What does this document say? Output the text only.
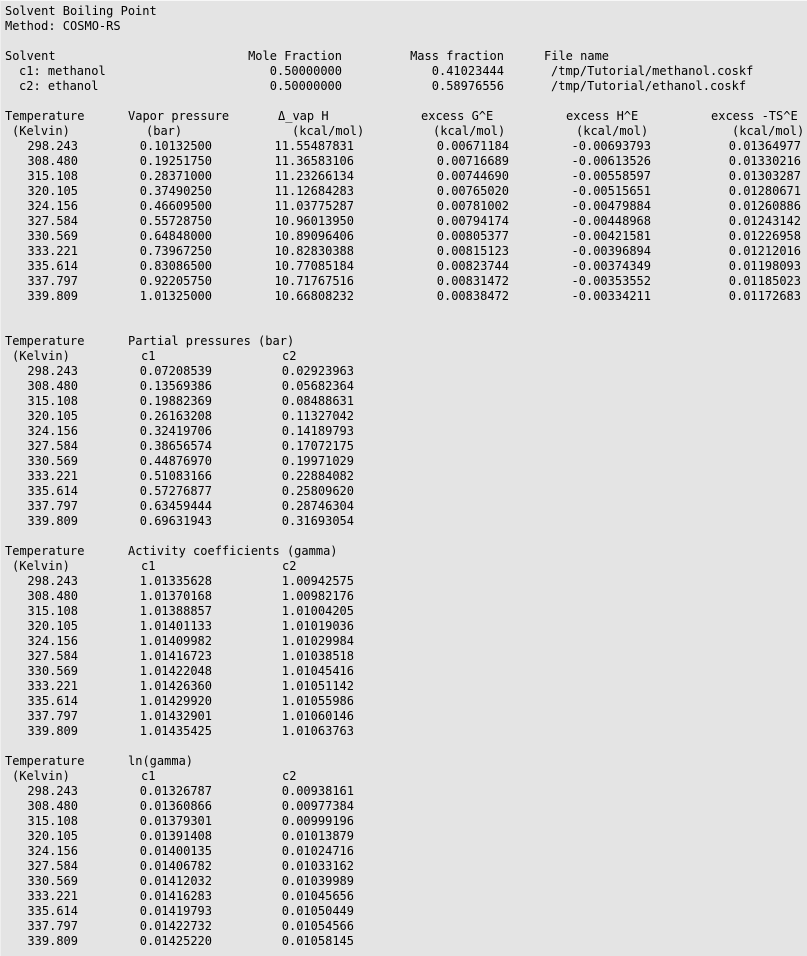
Solvent Boiling Point
Method: COSMO-RS
Solvent	Mole Fraction	Mass fraction	File name
c1: methanol	0.50000000	0.41023444	/tmp/Tutorial/methanol.coskf
c2: ethanol	0.50000000	0.58976556	/tmp/Tutorial/ethanol.coskf
Temperature	Vapor pressure	Δ_vap H	excess G^E	excess H^E	excess -TS^E
(Kelvin)	(bar)	(kcal/mol)	(kcal/mol)	(kcal/mol)	(kcal/mol)
298.243	0.10132500	11.55487831	0.00671184	-0.00693793	0.01364977
308.480	0.19251750	11.36583106	0.00716689	-0.00613526	0.01330216
315.108	0.28371000	11.23266134	0.00744690	-0.00558597	0.01303287
320.105	0.37490250	11.12684283	0.00765020	-0.00515651	0.01280671
324.156	0.46609500	11.03775287	0.00781002	-0.00479884	0.01260886
327.584	0.55728750	10.96013950	0.00794174	-0.00448968	0.01243142
330.569	0.64848000	10.89096406	0.00805377	-0.00421581	0.01226958
333.221	0.73967250	10.82830388	0.00815123	-0.00396894	0.01212016
335.614	0.83086500	10.77085184	0.00823744	-0.00374349	0.01198093
337.797	0.92205750	10.71767516	0.00831472	-0.00353552	0.01185023
339.809	1.01325000	10.66808232	0.00838472	-0.00334211	0.01172683
Temperature	Partial pressures (bar)
(Kelvin)	c1	c2
298.243	0.07208539	0.02923963
308.480	0.13569386	0.05682364
315.108	0.19882369	0.08488631
320.105	0.26163208	0.11327042
324.156	0.32419706	0.14189793
327.584	0.38656574	0.17072175
330.569	0.44876970	0.19971029
333.221	0.51083166	0.22884082
335.614	0.57276877	0.25809620
337.797	0.63459444	0.28746304
339.809	0.69631943	0.31693054
Temperature	Activity coefficients (gamma)
(Kelvin)	c1	c2
298.243	1.01335628	1.00942575
308.480	1.01370168	1.00982176
315.108	1.01388857	1.01004205
320.105	1.01401133	1.01019036
324.156	1.01409982	1.01029984
327.584	1.01416723	1.01038518
330.569	1.01422048	1.01045416
333.221	1.01426360	1.01051142
335.614	1.01429920	1.01055986
337.797	1.01432901	1.01060146
339.809	1.01435425	1.01063763
Temperature	ln(gamma)
(Kelvin)	c1	c2
298.243	0.01326787	0.00938161
308.480	0.01360866	0.00977384
315.108	0.01379301	0.00999196
320.105	0.01391408	0.01013879
324.156	0.01400135	0.01024716
327.584	0.01406782	0.01033162
330.569	0.01412032	0.01039989
333.221	0.01416283	0.01045656
335.614	0.01419793	0.01050449
337.797	0.01422732	0.01054566
339.809	0.01425220	0.01058145
